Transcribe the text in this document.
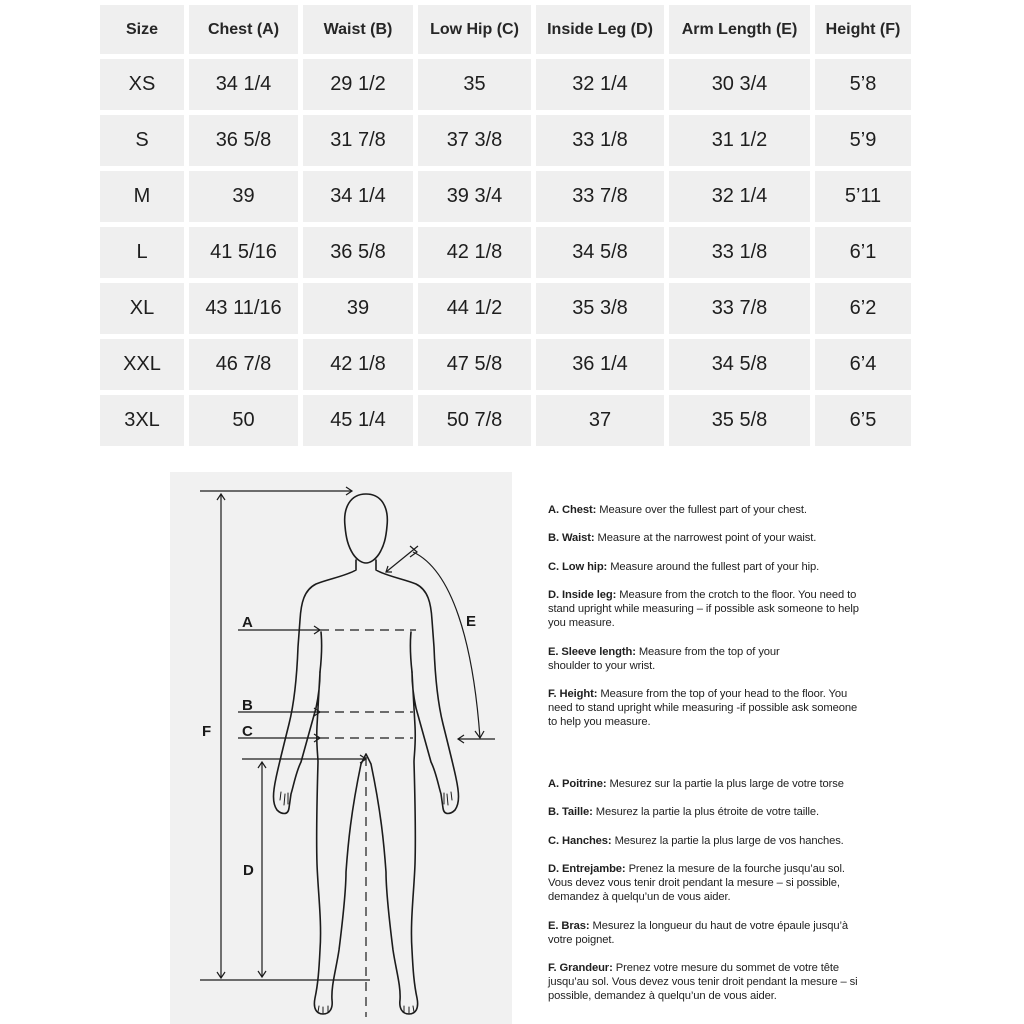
Size	Chest (A)	Waist (B)	Low Hip (C)	Inside Leg (D)	Arm Length (E)	Height (F)
XS	34 1/4	29 1/2	35	32 1/4	30 3/4	5’8
S	36 5/8	31 7/8	37 3/8	33 1/8	31 1/2	5’9
M	39	34 1/4	39 3/4	33 7/8	32 1/4	5’11
L	41 5/16	36 5/8	42 1/8	34 5/8	33 1/8	6’1
XL	43 11/16	39	44 1/2	35 3/8	33 7/8	6’2
XXL	46 7/8	42 1/8	47 5/8	36 1/4	34 5/8	6’4
3XL	50	45 1/4	50 7/8	37	35 5/8	6’5
A
B
C
D
E
F
A. Chest: Measure over the fullest part of your chest.
B. Waist: Measure at the narrowest point of your waist.
C. Low hip: Measure around the fullest part of your hip.
D. Inside leg: Measure from the crotch to the floor. You need to stand upright while measuring – if possible ask someone to help you measure.
E. Sleeve length: Measure from the top of your shoulder to your wrist.
F. Height: Measure from the top of your head to the floor. You need to stand upright while measuring -if possible ask someone to help you measure.
A. Poitrine: Mesurez sur la partie la plus large de votre torse
B. Taille: Mesurez la partie la plus étroite de votre taille.
C. Hanches: Mesurez la partie la plus large de vos hanches.
D. Entrejambe: Prenez la mesure de la fourche jusqu’au sol. Vous devez vous tenir droit pendant la mesure – si possible, demandez à quelqu’un de vous aider.
E. Bras: Mesurez la longueur du haut de votre épaule jusqu’à votre poignet.
F. Grandeur: Prenez votre mesure du sommet de votre tête jusqu’au sol. Vous devez vous tenir droit pendant la mesure – si possible, demandez à quelqu’un de vous aider.
